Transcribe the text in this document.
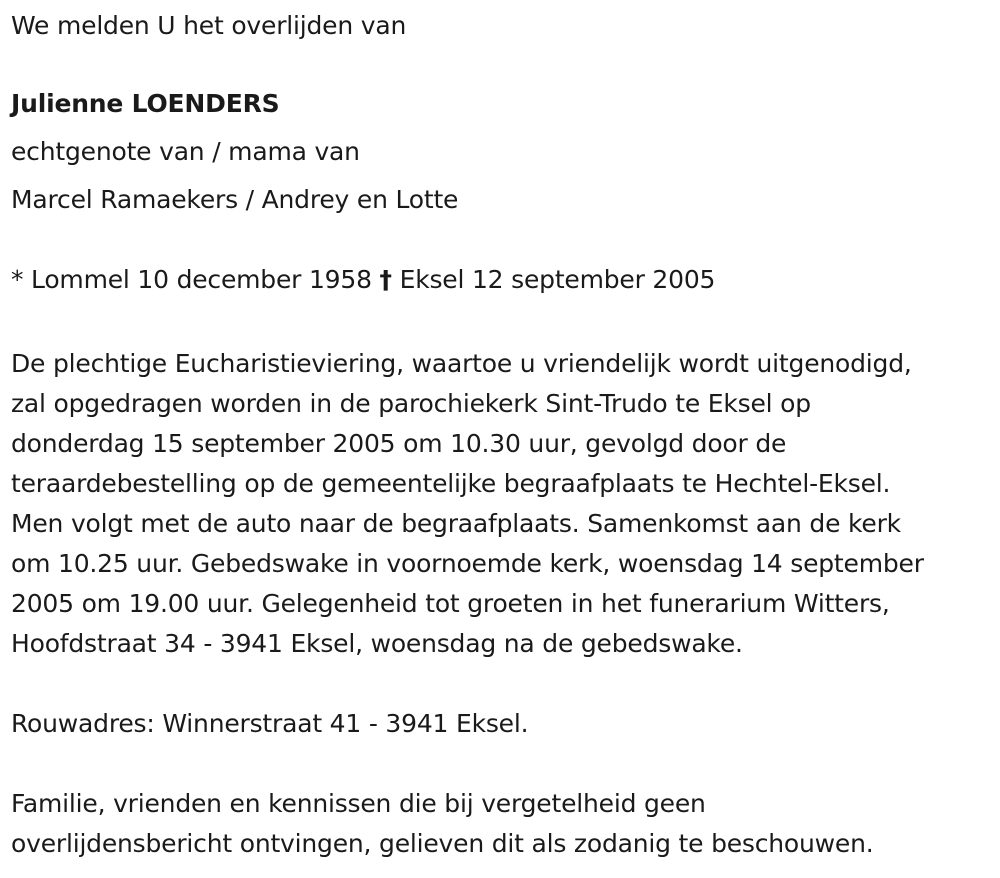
We melden U het overlijden van
Julienne LOENDERS
echtgenote van / mama van
Marcel Ramaekers / Andrey en Lotte
* Lommel 10 december 1958 † Eksel 12 september 2005
De plechtige Eucharistieviering, waartoe u vriendelijk wordt uitgenodigd,
zal opgedragen worden in de parochiekerk Sint-Trudo te Eksel op
donderdag 15 september 2005 om 10.30 uur, gevolgd door de
teraardebestelling op de gemeentelijke begraafplaats te Hechtel-Eksel.
Men volgt met de auto naar de begraafplaats. Samenkomst aan de kerk
om 10.25 uur. Gebedswake in voornoemde kerk, woensdag 14 september
2005 om 19.00 uur. Gelegenheid tot groeten in het funerarium Witters,
Hoofdstraat 34 - 3941 Eksel, woensdag na de gebedswake.
Rouwadres: Winnerstraat 41 - 3941 Eksel.
Familie, vrienden en kennissen die bij vergetelheid geen
overlijdensbericht ontvingen, gelieven dit als zodanig te beschouwen.
